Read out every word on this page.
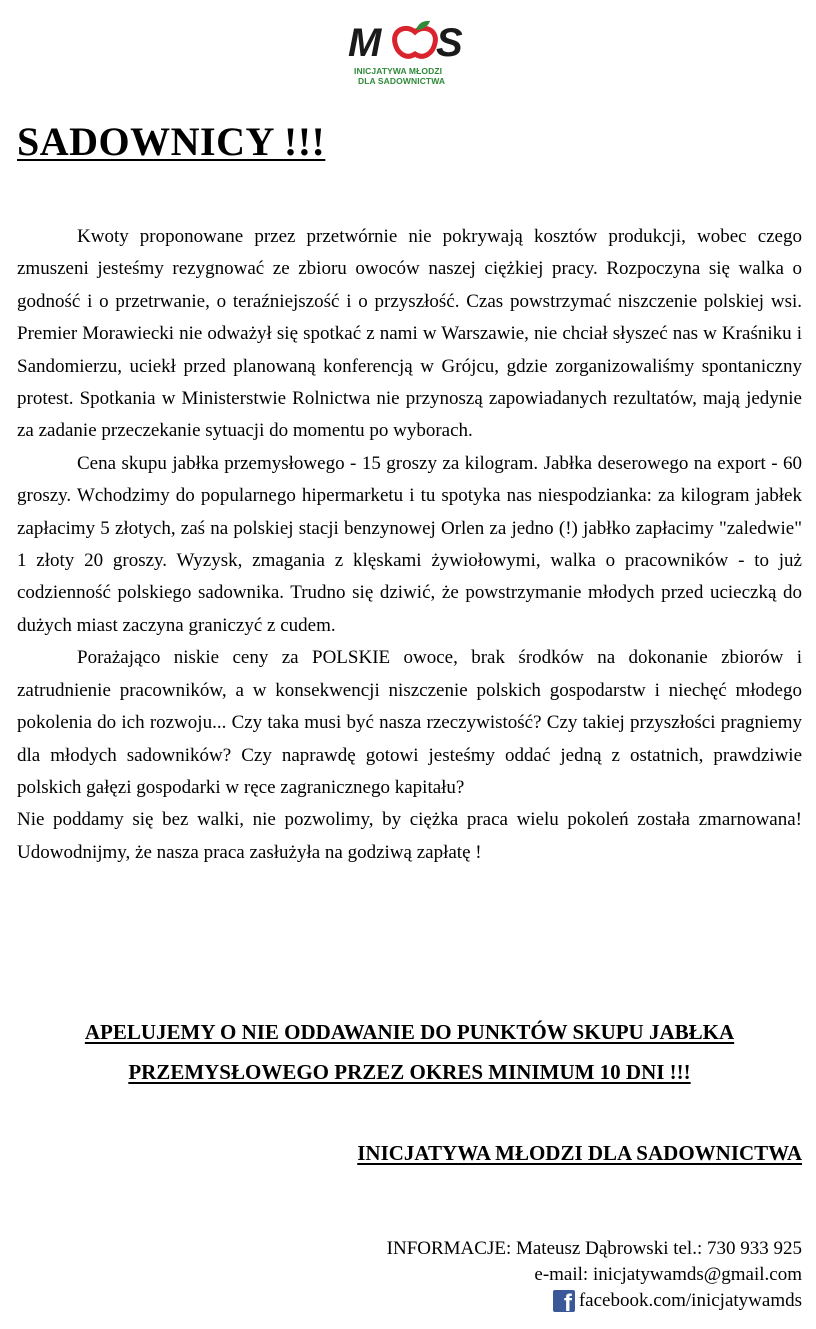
M S
INICJATYWA MŁODZI
DLA SADOWNICTWA
SADOWNICY !!!

Kwoty proponowane przez przetwórnie nie pokrywają kosztów produkcji, wobec czego zmuszeni jesteśmy rezygnować ze zbioru owoców naszej ciężkiej pracy. Rozpoczyna się walka o godność i o przetrwanie, o teraźniejszość i o przyszłość. Czas powstrzymać niszczenie polskiej wsi. Premier Morawiecki nie odważył się spotkać z nami w Warszawie, nie chciał słyszeć nas w Kraśniku i Sandomierzu, uciekł przed planowaną konferencją w Grójcu, gdzie zorganizowaliśmy spontaniczny protest. Spotkania w Ministerstwie Rolnictwa nie przynoszą zapowiadanych rezultatów, mają jedynie za zadanie przeczekanie sytuacji do momentu po wyborach.

Cena skupu jabłka przemysłowego - 15 groszy za kilogram. Jabłka deserowego na export - 60 groszy. Wchodzimy do popularnego hipermarketu i tu spotyka nas niespodzianka: za kilogram jabłek zapłacimy 5 złotych, zaś na polskiej stacji benzynowej Orlen za jedno (!) jabłko zapłacimy "zaledwie" 1 złoty 20 groszy. Wyzysk, zmagania z klęskami żywiołowymi, walka o pracowników - to już codzienność polskiego sadownika. Trudno się dziwić, że powstrzymanie młodych przed ucieczką do dużych miast zaczyna graniczyć z cudem.

Porażająco niskie ceny za POLSKIE owoce, brak środków na dokonanie zbiorów i zatrudnienie pracowników, a w konsekwencji niszczenie polskich gospodarstw i niechęć młodego pokolenia do ich rozwoju... Czy taka musi być nasza rzeczywistość? Czy takiej przyszłości pragniemy dla młodych sadowników? Czy naprawdę gotowi jesteśmy oddać jedną z ostatnich, prawdziwie polskich gałęzi gospodarki w ręce zagranicznego kapitału?

Nie poddamy się bez walki, nie pozwolimy, by ciężka praca wielu pokoleń została zmarnowana! Udowodnijmy, że nasza praca zasłużyła na godziwą zapłatę !

APELUJEMY O NIE ODDAWANIE DO PUNKTÓW SKUPU JABŁKA
PRZEMYSŁOWEGO PRZEZ OKRES MINIMUM 10 DNI !!!
INICJATYWA MŁODZI DLA SADOWNICTWA
INFORMACJE: Mateusz Dąbrowski tel.: 730 933 925
e-mail: inicjatywamds@gmail.com
f facebook.com/inicjatywamds
